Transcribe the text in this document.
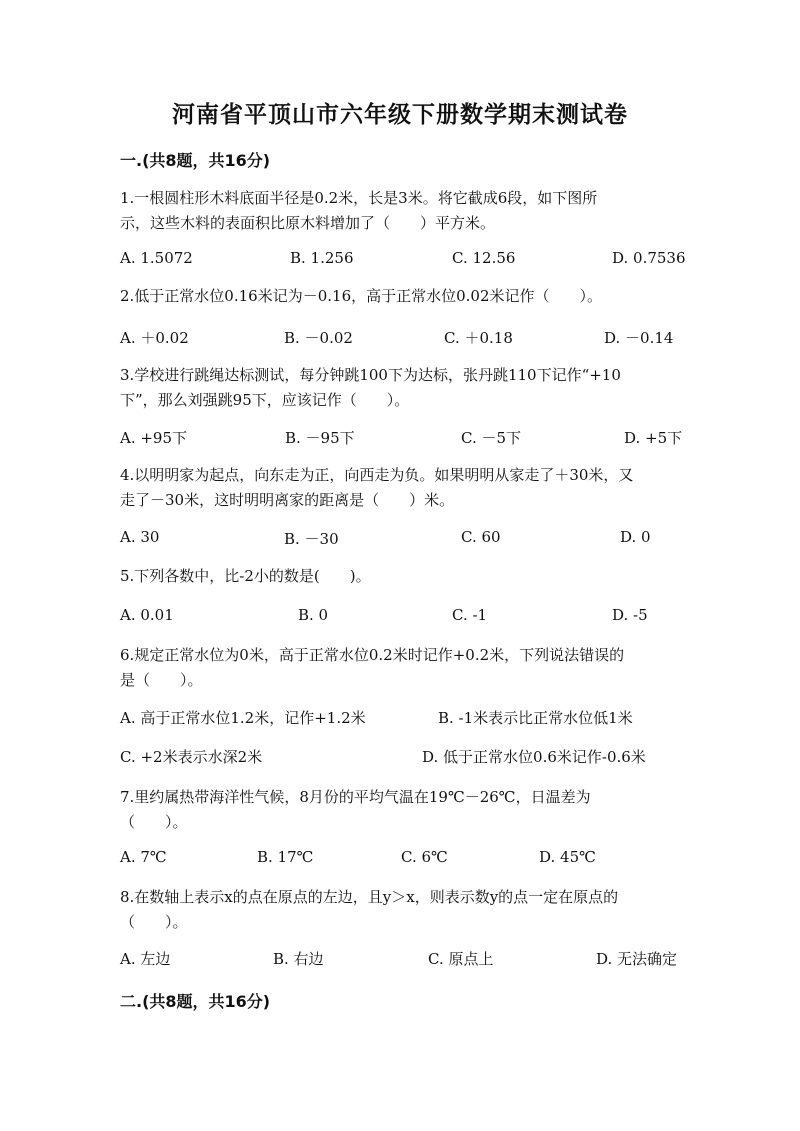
河南省平顶山市六年级下册数学期末测试卷
一.(共8题，共16分)
1.一根圆柱形木料底面半径是0.2米，长是3米。将它截成6段，如下图所
示，这些木料的表面积比原木料增加了（　　）平方米。
A. 1.5072	B. 1.256	C. 12.56	D. 0.7536
2.低于正常水位0.16米记为－0.16，高于正常水位0.02米记作（　　）。
A. ＋0.02	B. －0.02	C. ＋0.18	D. －0.14
3.学校进行跳绳达标测试，每分钟跳100下为达标，张丹跳110下记作“+10
下”，那么刘强跳95下，应该记作（　　）。
A. +95下	B. －95下	C. －5下	D. +5下
4.以明明家为起点，向东走为正，向西走为负。如果明明从家走了＋30米，又
走了－30米，这时明明离家的距离是（　　）米。
A. 30	B. －30	C. 60	D. 0
5.下列各数中，比-2小的数是(　　)。
A. 0.01	B. 0	C. -1	D. -5
6.规定正常水位为0米，高于正常水位0.2米时记作+0.2米，下列说法错误的
是（　　）。
A. 高于正常水位1.2米，记作+1.2米	B. -1米表示比正常水位低1米
C. +2米表示水深2米	D. 低于正常水位0.6米记作-0.6米
7.里约属热带海洋性气候，8月份的平均气温在19℃－26℃，日温差为
（　　）。
A. 7℃	B. 17℃	C. 6℃	D. 45℃
8.在数轴上表示x的点在原点的左边，且y＞x，则表示数y的点一定在原点的
（　　）。
A. 左边	B. 右边	C. 原点上	D. 无法确定
二.(共8题，共16分)
